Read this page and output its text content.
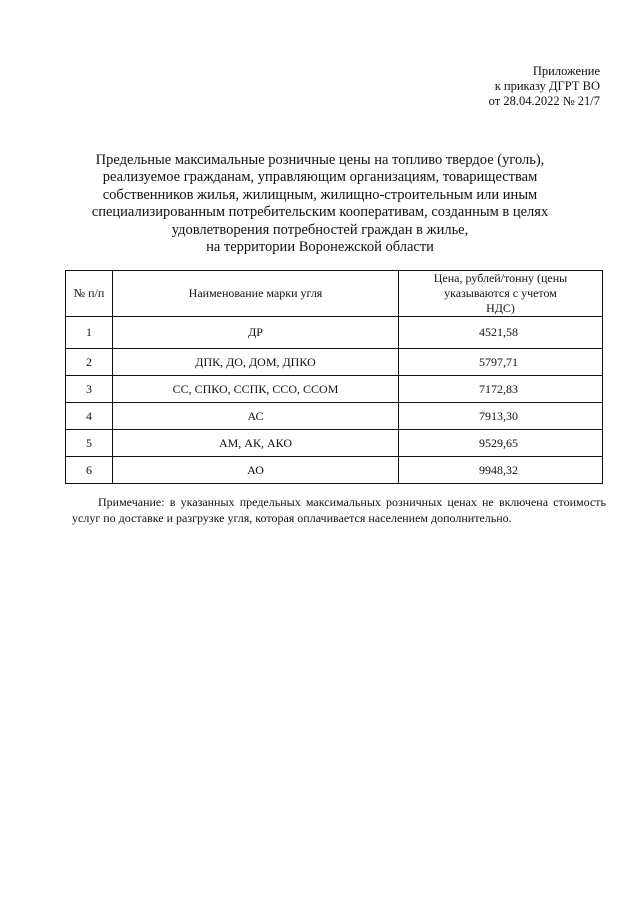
Приложение
к приказу ДГРТ ВО
от 28.04.2022 № 21/7
Предельные максимальные розничные цены на топливо твердое (уголь),
реализуемое гражданам, управляющим организациям, товариществам
собственников жилья, жилищным, жилищно-строительным или иным
специализированным потребительским кооперативам, созданным в целях
удовлетворения потребностей граждан в жилье,
на территории Воронежской области
№ п/п	Наименование марки угля	Цена, рублей/тонну (цены указываются с учетом НДС)
1	ДР	4521,58
2	ДПК, ДО, ДОМ, ДПКО	5797,71
3	СС, СПКО, ССПК, ССО, ССОМ	7172,83
4	АС	7913,30
5	АМ, АК, АКО	9529,65
6	АО	9948,32
Примечание: в указанных предельных максимальных розничных ценах не включена стоимость услуг по доставке и разгрузке угля, которая оплачивается населением дополнительно.
